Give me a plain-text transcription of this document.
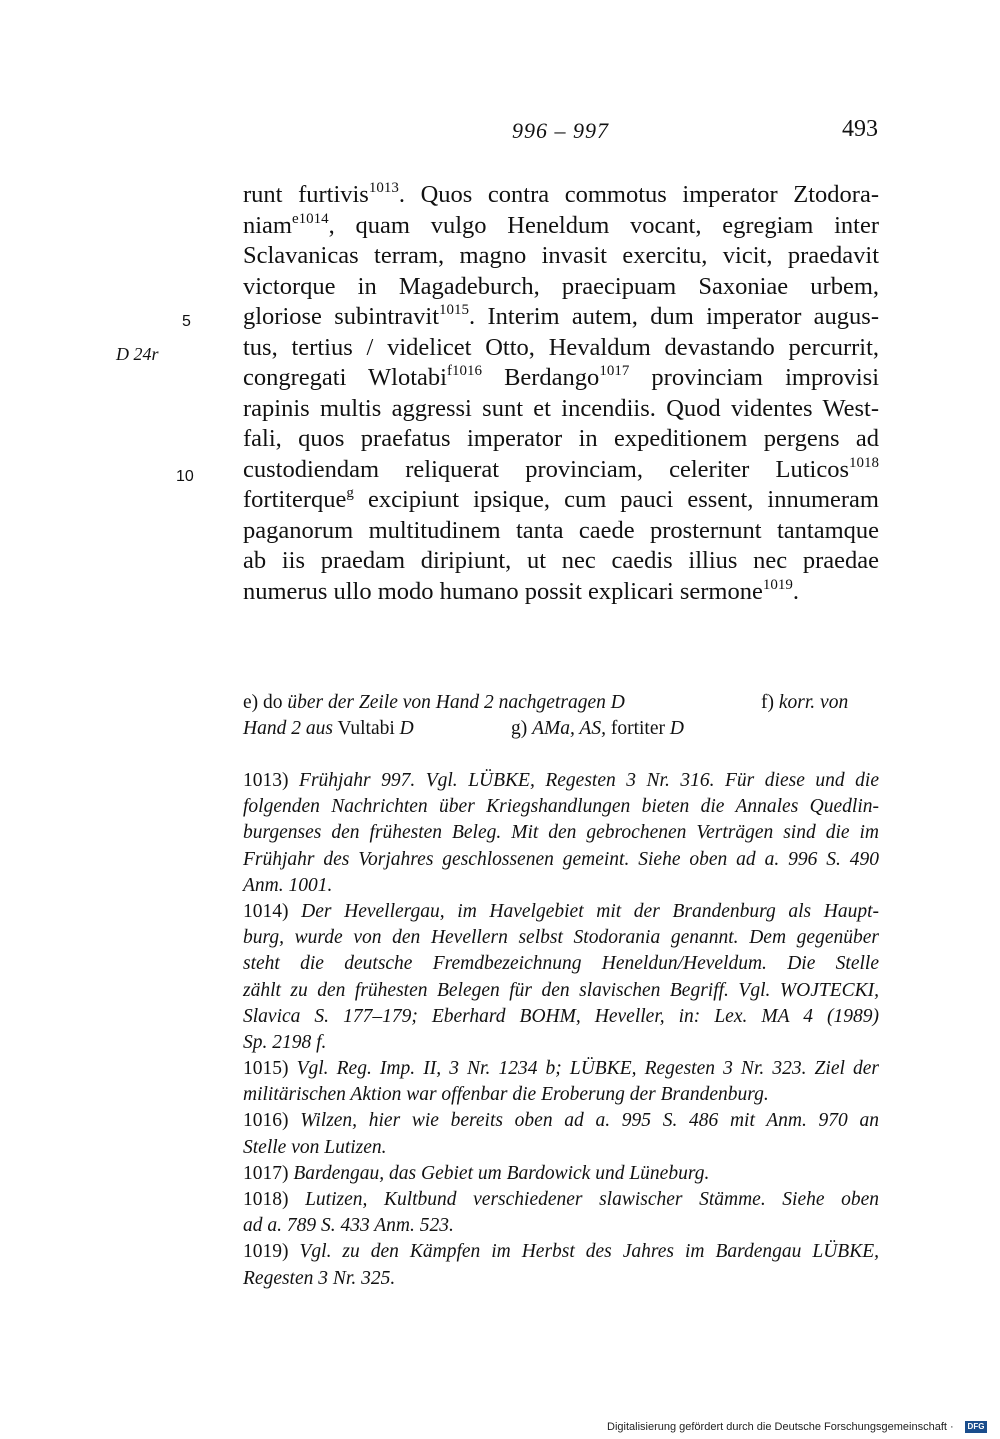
996 – 997	493
5
10
D 24r
runt furtivis$^{1013}$. Quos contra commotus imperator Ztodora-
niam$^{e1014}$, quam vulgo Heneldum vocant, egregiam inter
Sclavanicas terram, magno invasit exercitu, vicit, praedavit
victorque in Magadeburch, praecipuam Saxoniae urbem,
gloriose subintravit$^{1015}$. Interim autem, dum imperator augus-
tus, tertius / videlicet Otto, Hevaldum devastando percurrit,
congregati Wlotabi$^{f1016}$ Berdango$^{1017}$ provinciam improvisi
rapinis multis aggressi sunt et incendiis. Quod videntes West-
fali, quos praefatus imperator in expeditionem pergens ad
custodiendam reliquerat provinciam, celeriter Luticos$^{1018}$
fortiterque$^g$ excipiunt ipsique, cum pauci essent, innumeram
paganorum multitudinem tanta caede prosternunt tantamque
ab iis praedam diripiunt, ut nec caedis illius nec praedae
numerus ullo modo humano possit explicari sermone$^{1019}$.
e) do über der Zeile von Hand 2 nachgetragen D	f) korr. von
Hand 2 aus Vultabi D	g) AMa, AS, fortiter D
1013) Frühjahr 997. Vgl. LÜBKE, Regesten 3 Nr. 316. Für diese und die
folgenden Nachrichten über Kriegshandlungen bieten die Annales Quedlin-
burgenses den frühesten Beleg. Mit den gebrochenen Verträgen sind die im
Frühjahr des Vorjahres geschlossenen gemeint. Siehe oben ad a. 996 S. 490
Anm. 1001.
1014) Der Hevellergau, im Havelgebiet mit der Brandenburg als Haupt-
burg, wurde von den Hevellern selbst Stodorania genannt. Dem gegenüber
steht die deutsche Fremdbezeichnung Heneldun/Heveldum. Die Stelle
zählt zu den frühesten Belegen für den slavischen Begriff. Vgl. WOJTECKI,
Slavica S. 177–179; Eberhard BOHM, Heveller, in: Lex. MA 4 (1989)
Sp. 2198 f.
1015) Vgl. Reg. Imp. II, 3 Nr. 1234 b; LÜBKE, Regesten 3 Nr. 323. Ziel der
militärischen Aktion war offenbar die Eroberung der Brandenburg.
1016) Wilzen, hier wie bereits oben ad a. 995 S. 486 mit Anm. 970 an
Stelle von Lutizen.
1017) Bardengau, das Gebiet um Bardowick und Lüneburg.
1018) Lutizen, Kultbund verschiedener slawischer Stämme. Siehe oben
ad a. 789 S. 433 Anm. 523.
1019) Vgl. zu den Kämpfen im Herbst des Jahres im Bardengau LÜBKE,
Regesten 3 Nr. 325.
Digitalisierung gefördert durch die Deutsche Forschungsgemeinschaft ·	DFG
